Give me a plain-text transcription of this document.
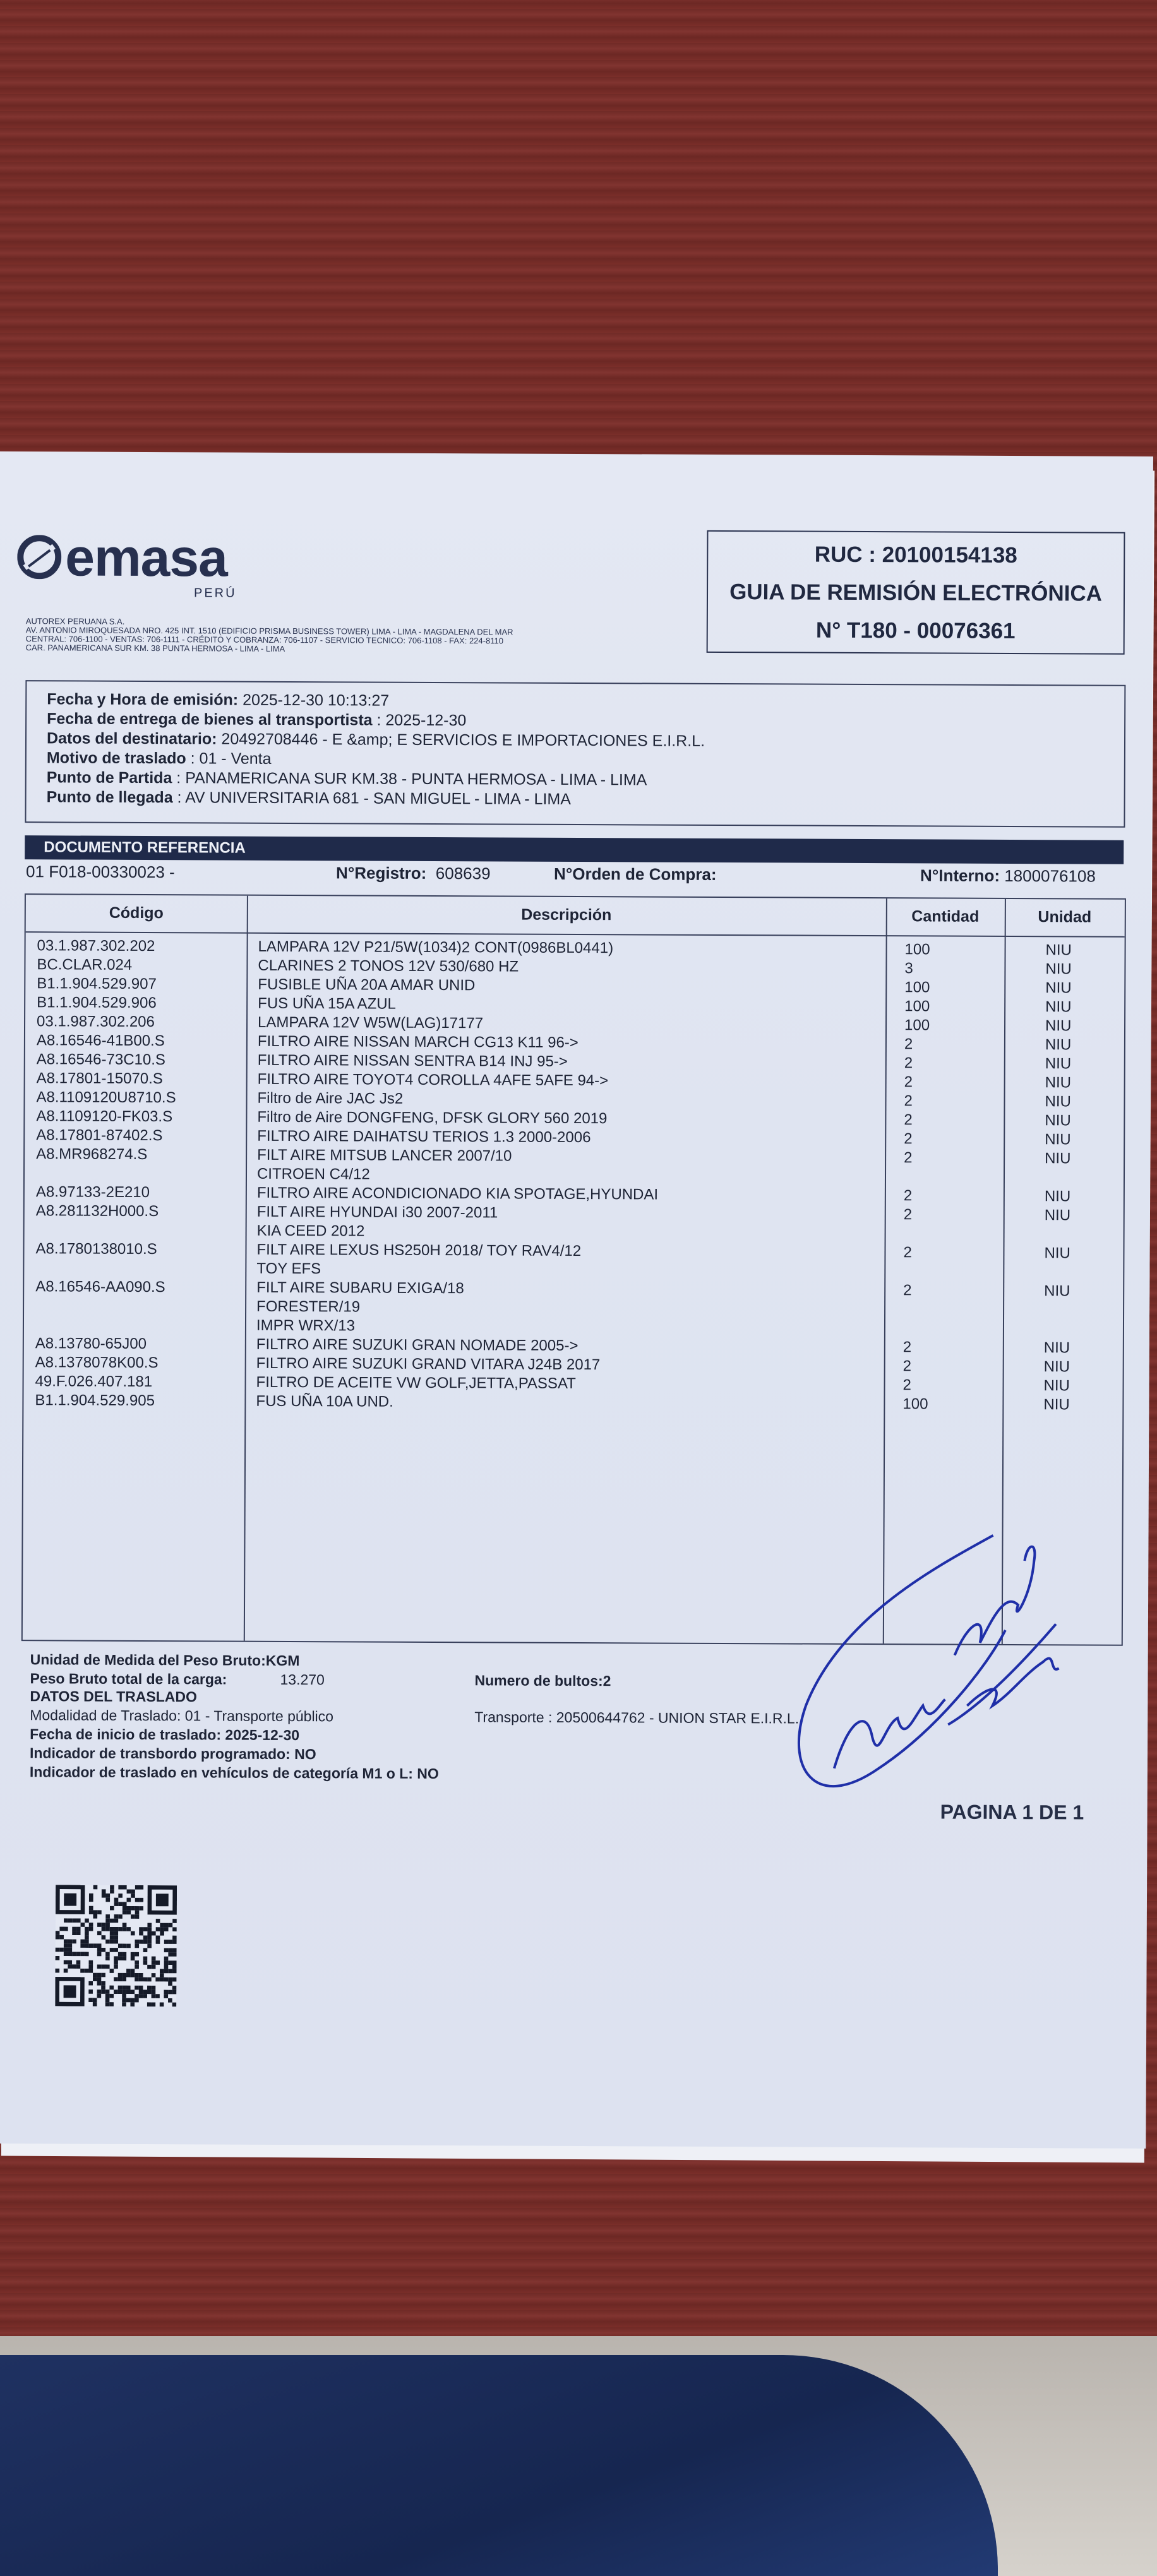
emasa
PERÚ
AUTOREX PERUANA S.A.
AV. ANTONIO MIROQUESADA NRO. 425 INT. 1510 (EDIFICIO PRISMA BUSINESS TOWER) LIMA - LIMA - MAGDALENA DEL MAR
CENTRAL: 706-1100 - VENTAS: 706-1111 - CRÉDITO Y COBRANZA: 706-1107 - SERVICIO TECNICO: 706-1108 - FAX: 224-8110
CAR. PANAMERICANA SUR KM. 38 PUNTA HERMOSA - LIMA - LIMA
RUC : 20100154138
GUIA DE REMISIÓN ELECTRÓNICA
N° T180 - 00076361
Fecha y Hora de emisión: 2025-12-30 10:13:27
Fecha de entrega de bienes al transportista : 2025-12-30
Datos del destinatario: 20492708446 - E &amp; E SERVICIOS E IMPORTACIONES E.I.R.L.
Motivo de traslado : 01 - Venta
Punto de Partida : PANAMERICANA SUR KM.38 - PUNTA HERMOSA - LIMA - LIMA
Punto de llegada : AV UNIVERSITARIA 681 - SAN MIGUEL - LIMA - LIMA
DOCUMENTO REFERENCIA
01 F018-00330023 -	N°Registro: 608639	N°Orden de Compra:	N°Interno: 1800076108
Código	Descripción	Cantidad	Unidad
03.1.987.302.202	LAMPARA 12V P21/5W(1034)2 CONT(0986BL0441)	100	NIU
BC.CLAR.024	CLARINES 2 TONOS 12V 530/680 HZ	3	NIU
B1.1.904.529.907	FUSIBLE UÑA 20A AMAR UNID	100	NIU
B1.1.904.529.906	FUS UÑA 15A AZUL	100	NIU
03.1.987.302.206	LAMPARA 12V W5W(LAG)17177	100	NIU
A8.16546-41B00.S	FILTRO AIRE NISSAN MARCH CG13 K11 96->	2	NIU
A8.16546-73C10.S	FILTRO AIRE NISSAN SENTRA B14 INJ 95->	2	NIU
A8.17801-15070.S	FILTRO AIRE TOYOT4 COROLLA 4AFE 5AFE 94->	2	NIU
A8.1109120U8710.S	Filtro de Aire JAC Js2	2	NIU
A8.1109120-FK03.S	Filtro de Aire DONGFENG, DFSK GLORY 560 2019	2	NIU
A8.17801-87402.S	FILTRO AIRE DAIHATSU TERIOS 1.3 2000-2006	2	NIU
A8.MR968274.S	FILT AIRE MITSUB LANCER 2007/10	2	NIU
CITROEN C4/12
A8.97133-2E210	FILTRO AIRE ACONDICIONADO KIA SPOTAGE,HYUNDAI	2	NIU
A8.281132H000.S	FILT AIRE HYUNDAI i30 2007-2011	2	NIU
KIA CEED 2012
A8.1780138010.S	FILT AIRE LEXUS HS250H 2018/ TOY RAV4/12	2	NIU
TOY EFS
A8.16546-AA090.S	FILT AIRE SUBARU EXIGA/18	2	NIU
FORESTER/19
IMPR WRX/13
A8.13780-65J00	FILTRO AIRE SUZUKI GRAN NOMADE 2005->	2	NIU
A8.1378078K00.S	FILTRO AIRE SUZUKI GRAND VITARA J24B 2017	2	NIU
49.F.026.407.181	FILTRO DE ACEITE VW GOLF,JETTA,PASSAT	2	NIU
B1.1.904.529.905	FUS UÑA 10A UND.	100	NIU
Unidad de Medida del Peso Bruto:KGM
Peso Bruto total de la carga:	13.270	Numero de bultos:2
DATOS DEL TRASLADO
Modalidad de Traslado: 01 - Transporte público	Transporte : 20500644762 - UNION STAR E.I.R.L.
Fecha de inicio de traslado: 2025-12-30
Indicador de transbordo programado: NO
Indicador de traslado en vehículos de categoría M1 o L: NO
PAGINA 1 DE 1
